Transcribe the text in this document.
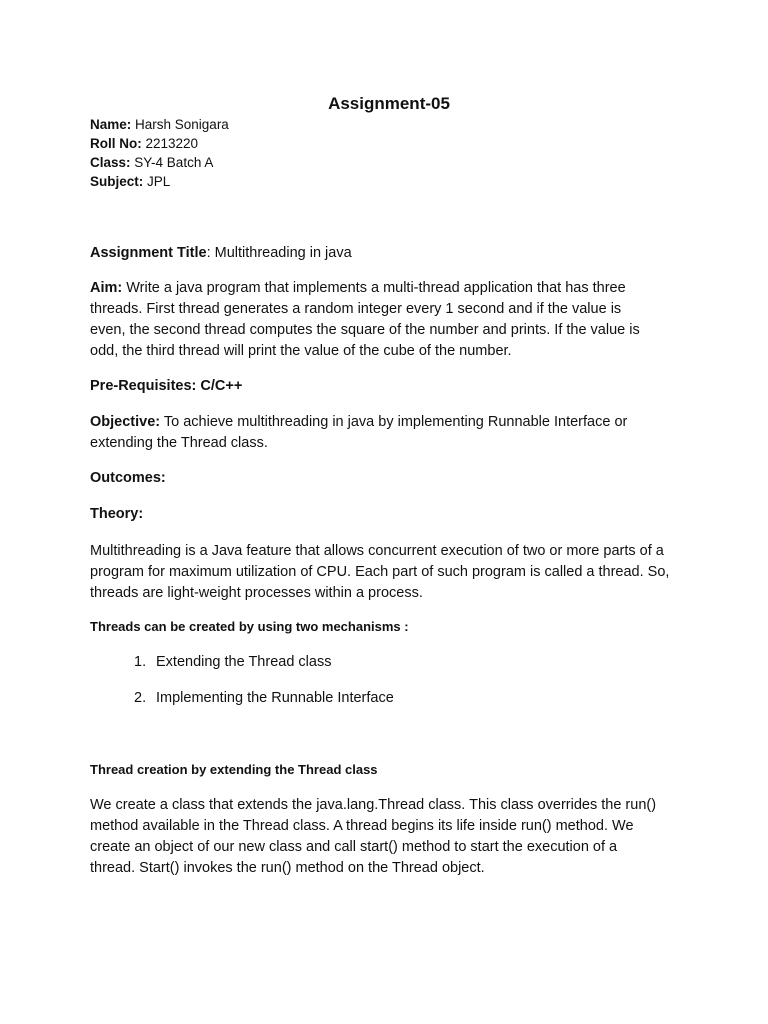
Assignment-05
Name: Harsh Sonigara
Roll No: 2213220
Class: SY-4 Batch A
Subject: JPL
Assignment Title: Multithreading in java
Aim: Write a java program that implements a multi-thread application that has three threads. First thread generates a random integer every 1 second and if the value is even, the second thread computes the square of the number and prints. If the value is odd, the third thread will print the value of the cube of the number.
Pre-Requisites: C/C++
Objective: To achieve multithreading in java by implementing Runnable Interface or extending the Thread class.
Outcomes:
Theory:
Multithreading is a Java feature that allows concurrent execution of two or more parts of a program for maximum utilization of CPU. Each part of such program is called a thread. So, threads are light-weight processes within a process.
Threads can be created by using two mechanisms :
1. Extending the Thread class
2. Implementing the Runnable Interface
Thread creation by extending the Thread class
We create a class that extends the java.lang.Thread class. This class overrides the run() method available in the Thread class. A thread begins its life inside run() method. We create an object of our new class and call start() method to start the execution of a thread. Start() invokes the run() method on the Thread object.
